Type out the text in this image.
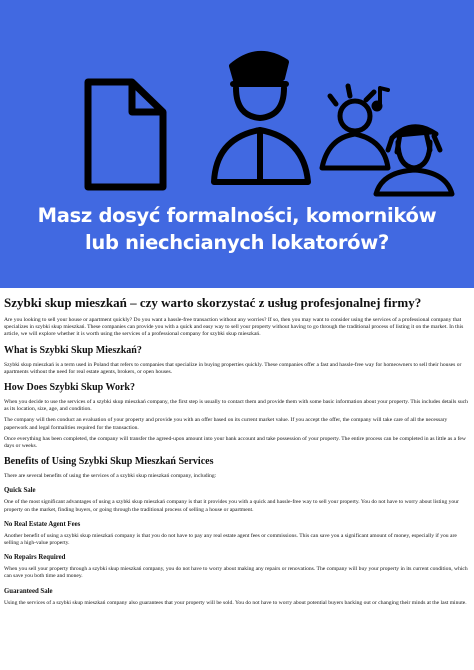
Masz dosyć formalności, komorników
lub niechcianych lokatorów?
Szybki skup mieszkań – czy warto skorzystać z usług profesjonalnej firmy?

Are you looking to sell your house or apartment quickly? Do you want a hassle-free transaction without any worries? If so, then you may want to consider using the services of a professional company that specializes in szybki skup mieszkań. These companies can provide you with a quick and easy way to sell your property without having to go through the traditional process of listing it on the market. In this article, we will explore whether it is worth using the services of a professional company for szybki skup mieszkań.

What is Szybki Skup Mieszkań?

Szybki skup mieszkań is a term used in Poland that refers to companies that specialize in buying properties quickly. These companies offer a fast and hassle-free way for homeowners to sell their houses or apartments without the need for real estate agents, brokers, or open houses.

How Does Szybki Skup Work?

When you decide to use the services of a szybki skup mieszkań company, the first step is usually to contact them and provide them with some basic information about your property. This includes details such as its location, size, age, and condition.

The company will then conduct an evaluation of your property and provide you with an offer based on its current market value. If you accept the offer, the company will take care of all the necessary paperwork and legal formalities required for the transaction.

Once everything has been completed, the company will transfer the agreed-upon amount into your bank account and take possession of your property. The entire process can be completed in as little as a few days or weeks.

Benefits of Using Szybki Skup Mieszkań Services

There are several benefits of using the services of a szybki skup mieszkań company, including:

Quick Sale

One of the most significant advantages of using a szybki skup mieszkań company is that it provides you with a quick and hassle-free way to sell your property. You do not have to worry about listing your property on the market, finding buyers, or going through the traditional process of selling a house or apartment.

No Real Estate Agent Fees

Another benefit of using a szybki skup mieszkań company is that you do not have to pay any real estate agent fees or commissions. This can save you a significant amount of money, especially if you are selling a high-value property.

No Repairs Required

When you sell your property through a szybki skup mieszkań company, you do not have to worry about making any repairs or renovations. The company will buy your property in its current condition, which can save you both time and money.

Guaranteed Sale

Using the services of a szybki skup mieszkań company also guarantees that your property will be sold. You do not have to worry about potential buyers backing out or changing their minds at the last minute.
